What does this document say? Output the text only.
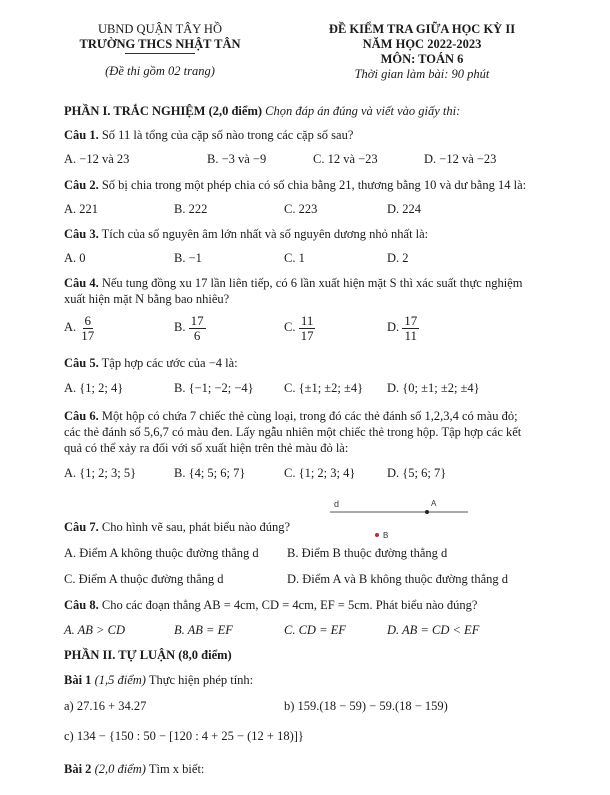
UBND QUẬN TÂY HỒ
TRƯỜNG THCS NHẬT TÂN
(Đề thi gồm 02 trang)
ĐỀ KIỂM TRA GIỮA HỌC KỲ II
NĂM HỌC 2022-2023
MÔN: TOÁN 6
Thời gian làm bài: 90 phút
PHẦN I. TRẮC NGHIỆM (2,0 điểm) Chọn đáp án đúng và viết vào giấy thi:
Câu 1. Số 11 là tổng của cặp số nào trong các cặp số sau?
A. −12 và 23	B. −3 và −9	C. 12 và −23	D. −12 và −23
Câu 2. Số bị chia trong một phép chia có số chia bằng 21, thương bằng 10 và dư bằng 14 là:
A. 221	B. 222	C. 223	D. 224
Câu 3. Tích của số nguyên âm lớn nhất và số nguyên dương nhỏ nhất là:
A. 0	B. −1	C. 1	D. 2
Câu 4. Nếu tung đồng xu 17 lần liên tiếp, có 6 lần xuất hiện mặt S thì xác suất thực nghiệm
xuất hiện mặt N bằng bao nhiêu?
A. $\frac{6}{17}$	B. $\frac{17}{6}$	C. $\frac{11}{17}$	D. $\frac{17}{11}$
Câu 5. Tập hợp các ước của −4 là:
A. {1; 2; 4}	B. {−1; −2; −4} C. {±1; ±2; ±4} D. {0; ±1; ±2; ±4}
Câu 6. Một hộp có chứa 7 chiếc thẻ cùng loại, trong đó các thẻ đánh số 1,2,3,4 có màu đỏ;
các thẻ đánh số 5,6,7 có màu đen. Lấy ngẫu nhiên một chiếc thẻ trong hộp. Tập hợp các kết
quả có thể xảy ra đối với số xuất hiện trên thẻ màu đỏ là:
A. {1; 2; 3; 5}	B. {4; 5; 6; 7}	C. {1; 2; 3; 4}	D. {5; 6; 7}
d	A
B
Câu 7. Cho hình vẽ sau, phát biểu nào đúng?
A. Điểm A không thuộc đường thẳng d B. Điểm B thuộc đường thẳng d
C. Điểm A thuộc đường thẳng d	D. Điểm A và B không thuộc đường thẳng d
Câu 8. Cho các đoạn thẳng AB = 4cm, CD = 4cm, EF = 5cm. Phát biểu nào đúng?
A. AB > CD	B. AB = EF	C. CD = EF	D. AB = CD < EF
PHẦN II. TỰ LUẬN (8,0 điểm)
Bài 1 (1,5 điểm) Thực hiện phép tính:
a) 27.16 + 34.27	b) 159.(18 − 59) − 59.(18 − 159)
c) 134 − {150 : 50 − [120 : 4 + 25 − (12 + 18)]}
Bài 2 (2,0 điểm) Tìm x biết:
